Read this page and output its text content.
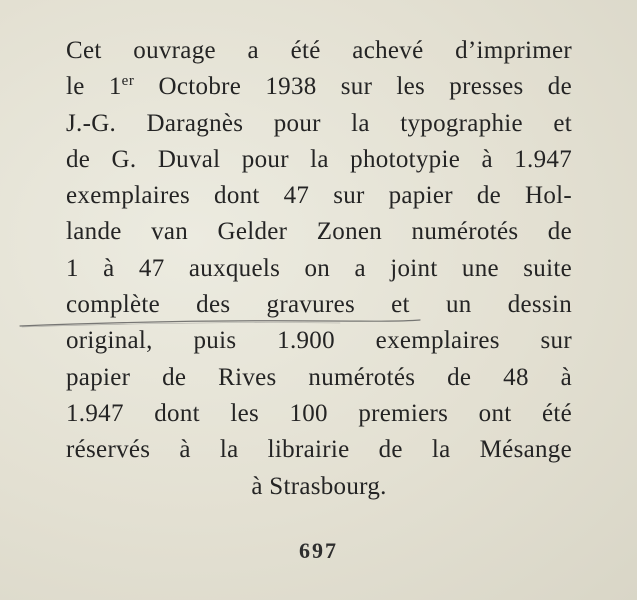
Cet ouvrage a été achevé d’imprimer
le 1er Octobre 1938 sur les presses de
J.-G. Daragnès pour la typographie et
de G. Duval pour la phototypie à 1.947
exemplaires dont 47 sur papier de Hol-
lande van Gelder Zonen numérotés de
1 à 47 auxquels on a joint une suite
complète des gravures et un dessin
original, puis 1.900 exemplaires sur
papier de Rives numérotés de 48 à
1.947 dont les 100 premiers ont été
réservés à la librairie de la Mésange
à Strasbourg.
697
